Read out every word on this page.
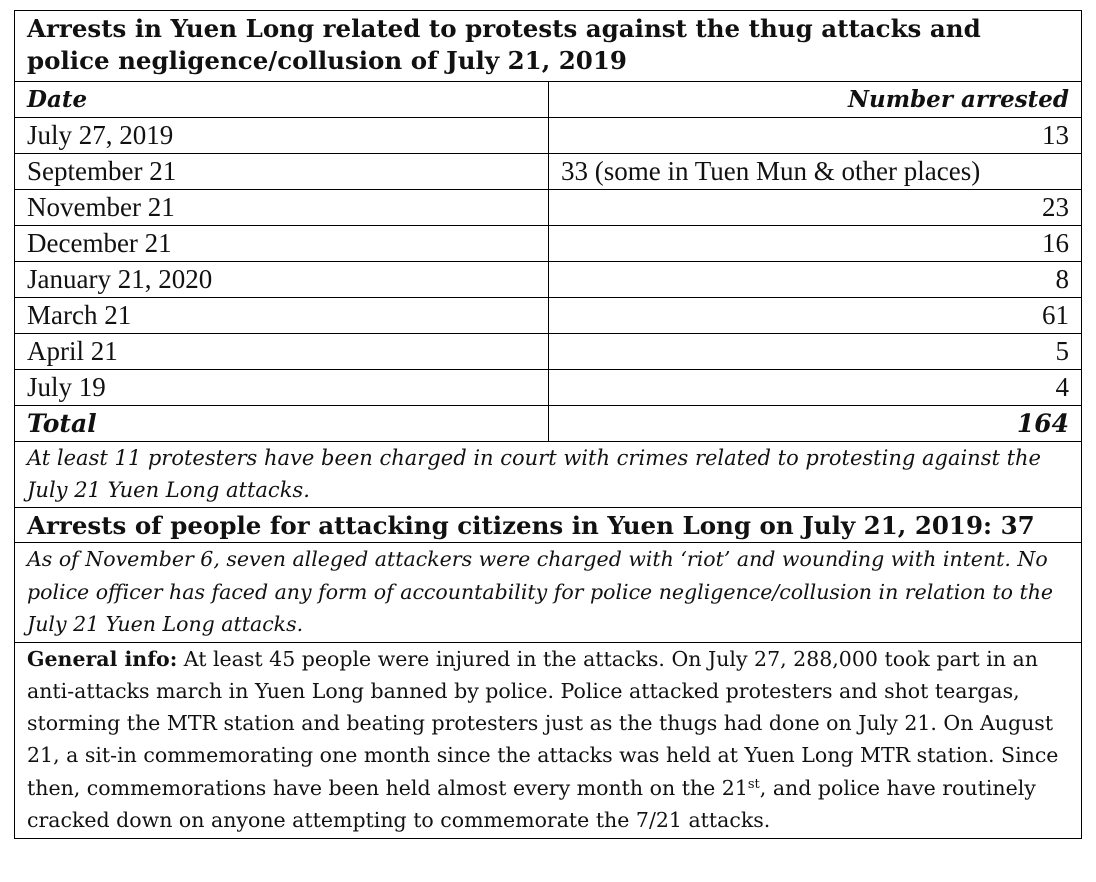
Arrests in Yuen Long related to protests against the thug attacks and police negligence/collusion of July 21, 2019	
Date	Number arrested
July 27, 2019	13
September 21	33 (some in Tuen Mun & other places)
November 21	23
December 21	16
January 21, 2020	8
March 21	61
April 21	5
July 19	4
Total	164
At least 11 protesters have been charged in court with crimes related to protesting against the July 21 Yuen Long attacks.	
Arrests of people for attacking citizens in Yuen Long on July 21, 2019: 37	
As of November 6, seven alleged attackers were charged with ‘riot’ and wounding with intent. No police officer has faced any form of accountability for police negligence/collusion in relation to the July 21 Yuen Long attacks.	
General info: At least 45 people were injured in the attacks. On July 27, 288,000 took part in an anti-attacks march in Yuen Long banned by police. Police attacked protesters and shot teargas, storming the MTR station and beating protesters just as the thugs had done on July 21. On August 21, a sit-in commemorating one month since the attacks was held at Yuen Long MTR station. Since then, commemorations have been held almost every month on the 21st, and police have routinely cracked down on anyone attempting to commemorate the 7/21 attacks.	
